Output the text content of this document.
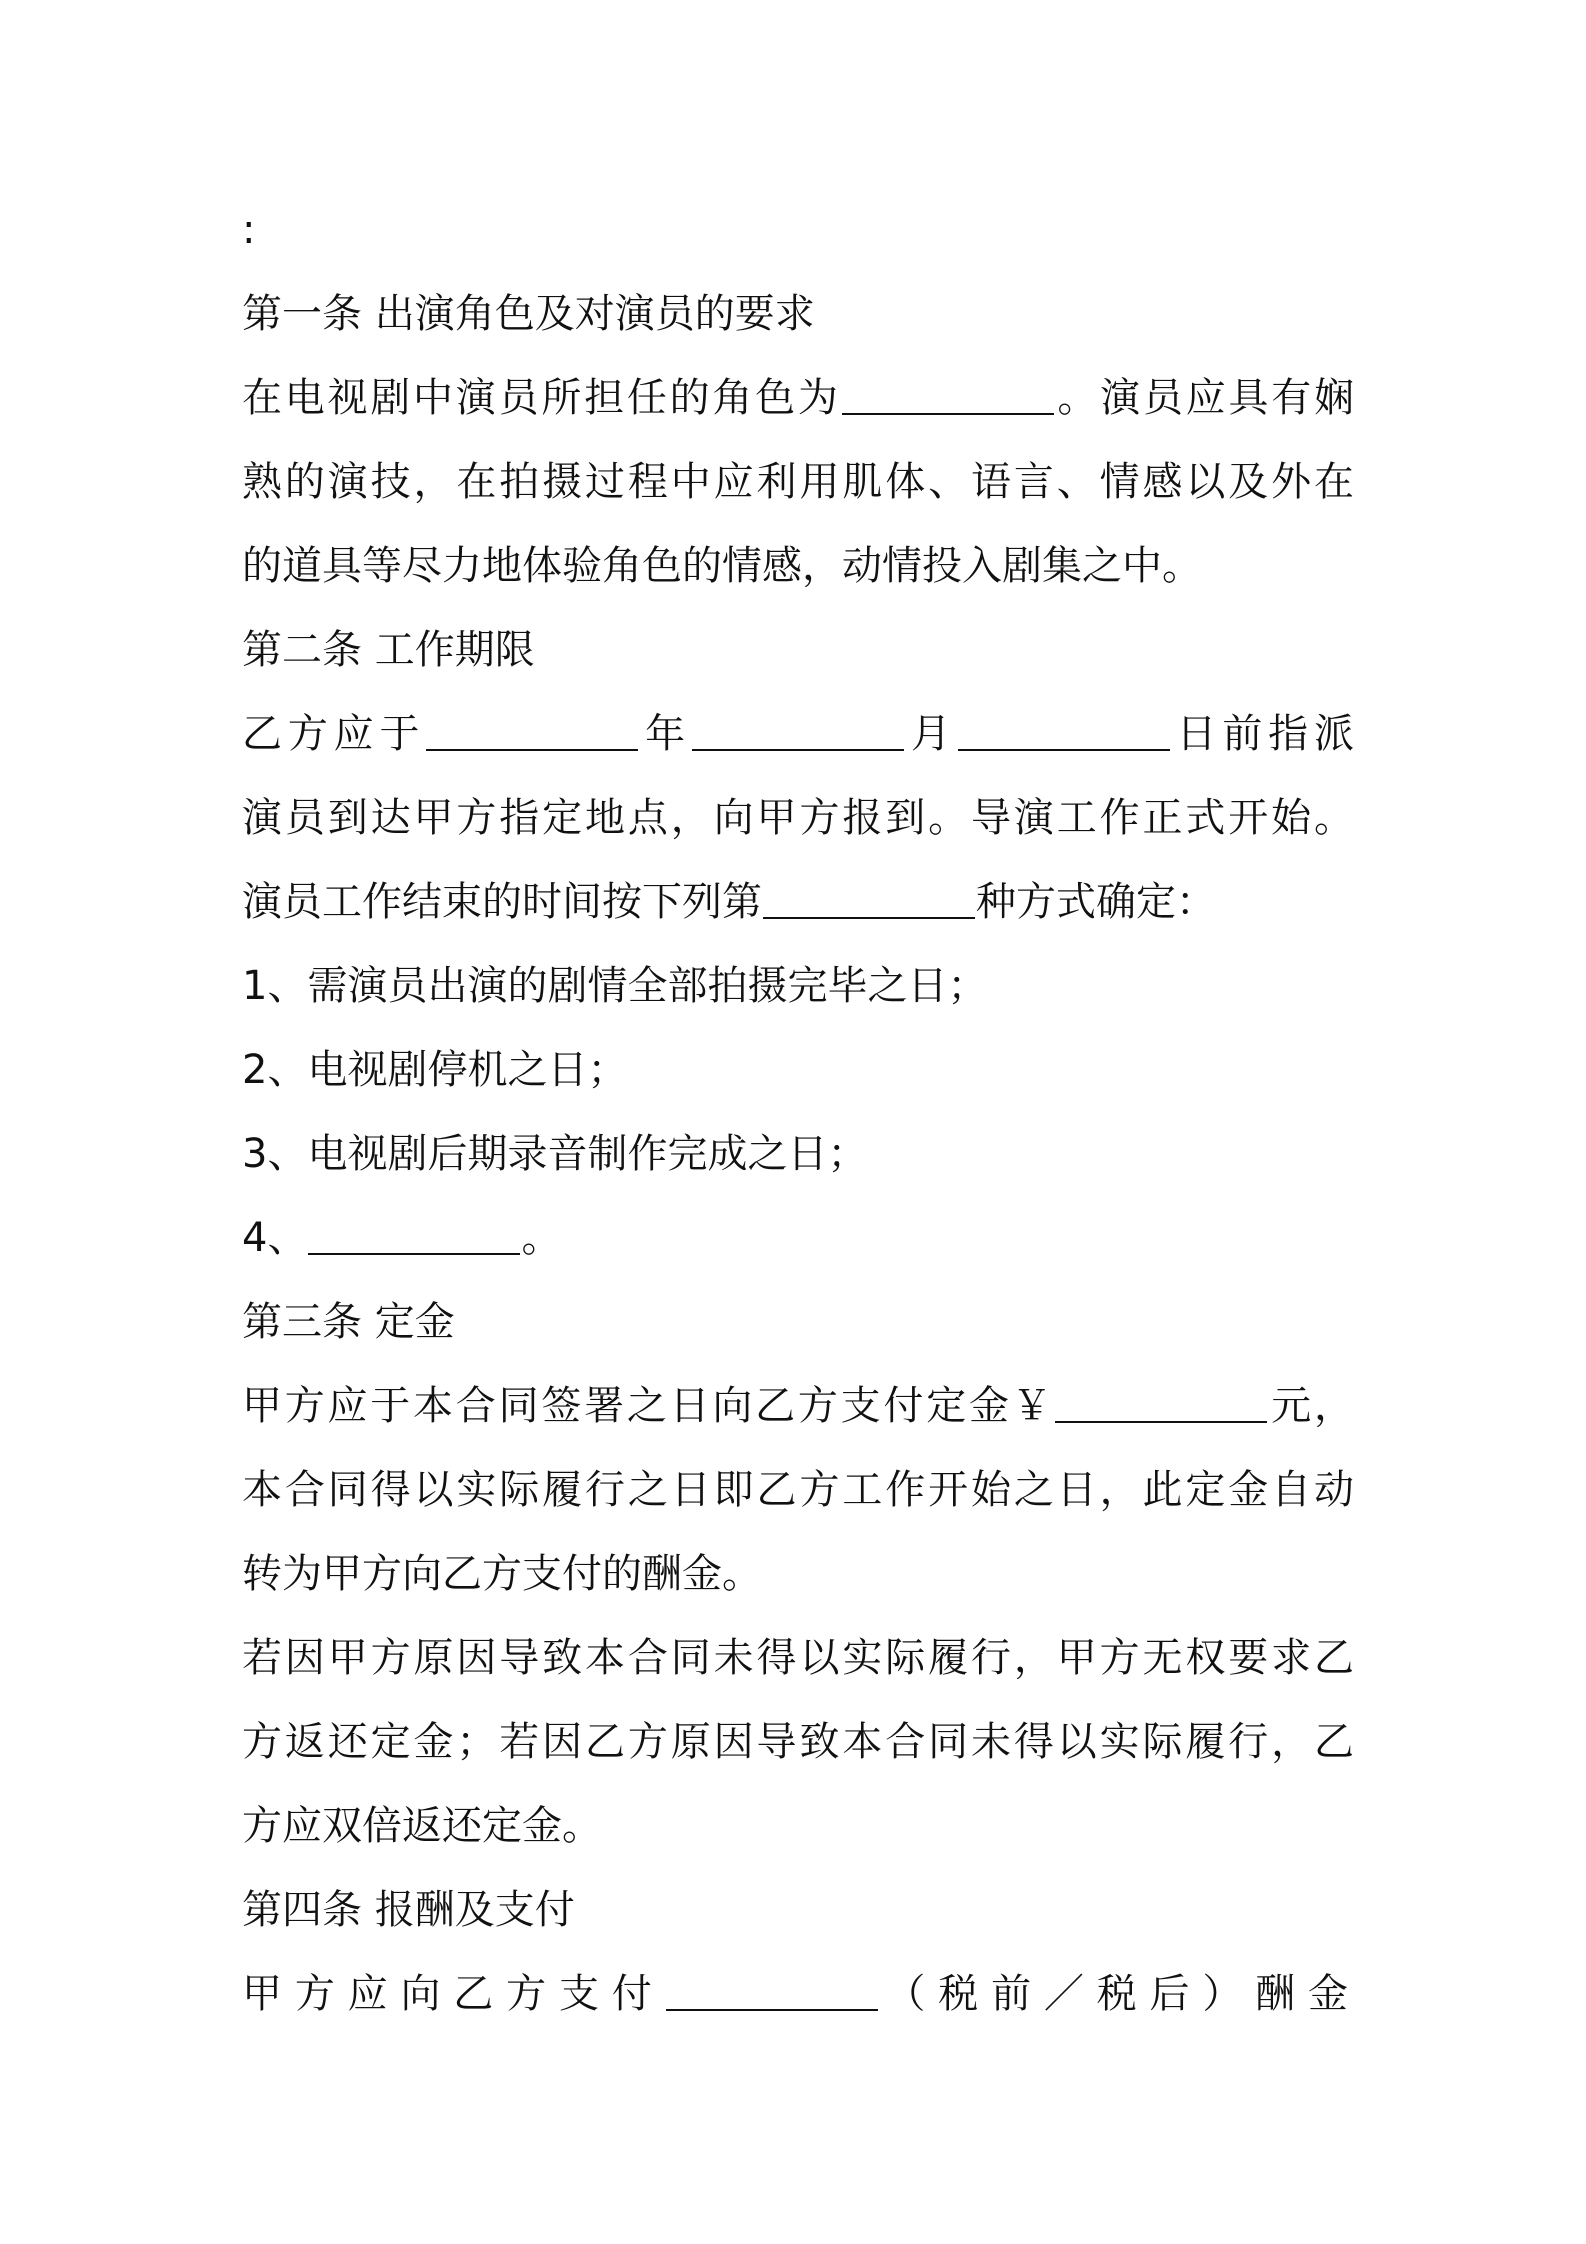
:
第一条 出演角色及对演员的要求
在电视剧中演员所担任的角色为	。演员应具有娴
熟的演技，在拍摄过程中应利用肌体、语言、情感以及外在
的道具等尽力地体验角色的情感，动情投入剧集之中。
第二条 工作期限
乙方应于	年	月	日前指派
演员到达甲方指定地点，向甲方报到。导演工作正式开始。
演员工作结束的时间按下列第	种方式确定：
1、需演员出演的剧情全部拍摄完毕之日；
2、电视剧停机之日；
3、电视剧后期录音制作完成之日；
4、	。
第三条 定金
甲方应于本合同签署之日向乙方支付定金￥	元，
本合同得以实际履行之日即乙方工作开始之日，此定金自动
转为甲方向乙方支付的酬金。
若因甲方原因导致本合同未得以实际履行，甲方无权要求乙
方返还定金；若因乙方原因导致本合同未得以实际履行，乙
方应双倍返还定金。
第四条 报酬及支付
甲方应向乙方支付	（税前／税后）酬金
